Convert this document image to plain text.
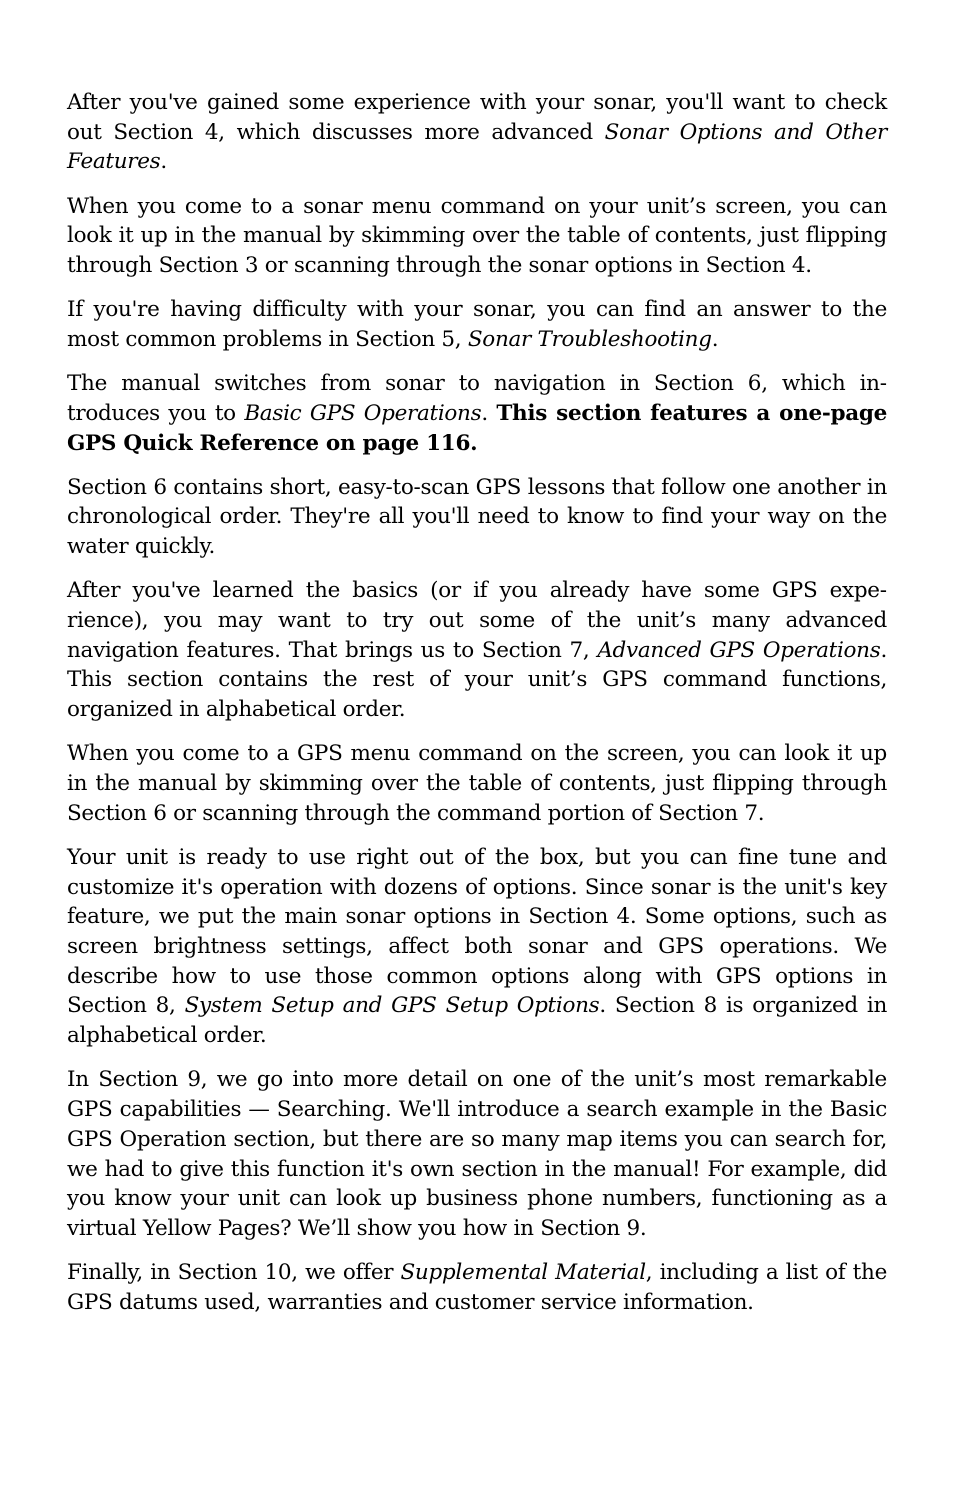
After you've gained some experience with your sonar, you'll want to check out Section 4, which discusses more advanced Sonar Options and Other Features.

When you come to a sonar menu command on your unit’s screen, you can look it up in the manual by skimming over the table of contents, just flipping through Section 3 or scanning through the sonar options in Section 4.

If you're having difficulty with your sonar, you can find an answer to the most common problems in Section 5, Sonar Troubleshooting.

The manual switches from sonar to navigation in Section 6, which introduces you to Basic GPS Operations. This section features a one-page GPS Quick Reference on page 116.

Section 6 contains short, easy-to-scan GPS lessons that follow one another in chronological order. They're all you'll need to know to find your way on the water quickly.

After you've learned the basics (or if you already have some GPS experience), you may want to try out some of the unit’s many advanced navigation features. That brings us to Section 7, Advanced GPS Operations. This section contains the rest of your unit’s GPS command functions, organized in alphabetical order.

When you come to a GPS menu command on the screen, you can look it up in the manual by skimming over the table of contents, just flipping through Section 6 or scanning through the command portion of Section 7.

Your unit is ready to use right out of the box, but you can fine tune and customize it's operation with dozens of options. Since sonar is the unit's key feature, we put the main sonar options in Section 4. Some options, such as screen brightness settings, affect both sonar and GPS operations. We describe how to use those common options along with GPS options in Section 8, System Setup and GPS Setup Options. Section 8 is organized in alphabetical order.

In Section 9, we go into more detail on one of the unit’s most remarkable GPS capabilities — Searching. We'll introduce a search example in the Basic GPS Operation section, but there are so many map items you can search for, we had to give this function it's own section in the manual! For example, did you know your unit can look up business phone numbers, functioning as a virtual Yellow Pages? We’ll show you how in Section 9.

Finally, in Section 10, we offer Supplemental Material, including a list of the GPS datums used, warranties and customer service information.
